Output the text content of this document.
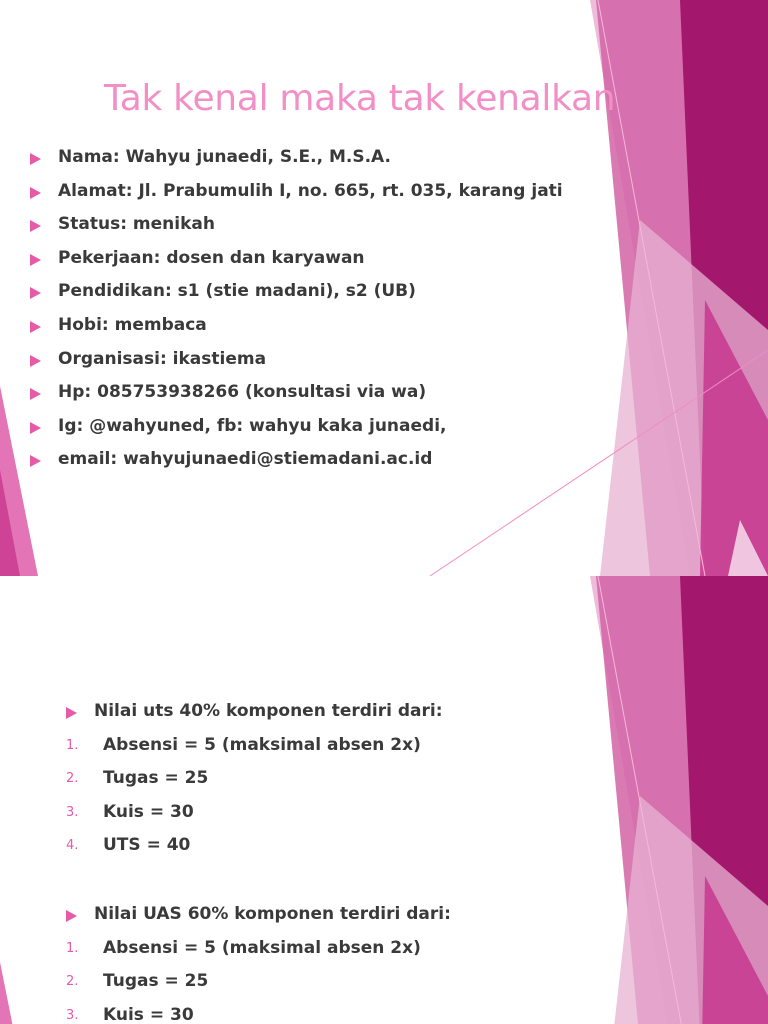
Tak kenal maka tak kenalkan
Nama: Wahyu junaedi, S.E., M.S.A.
Alamat: Jl. Prabumulih I, no. 665, rt. 035, karang jati
Status: menikah
Pekerjaan: dosen dan karyawan
Pendidikan: s1 (stie madani), s2 (UB)
Hobi: membaca
Organisasi: ikastiema
Hp: 085753938266 (konsultasi via wa)
Ig: @wahyuned, fb: wahyu kaka junaedi,
email: wahyujunaedi@stiemadani.ac.id
Nilai uts 40% komponen terdiri dari:
1. Absensi = 5 (maksimal absen 2x)
2. Tugas = 25
3. Kuis = 30
4. UTS = 40
Nilai UAS 60% komponen terdiri dari:
1. Absensi = 5 (maksimal absen 2x)
2. Tugas = 25
3. Kuis = 30
